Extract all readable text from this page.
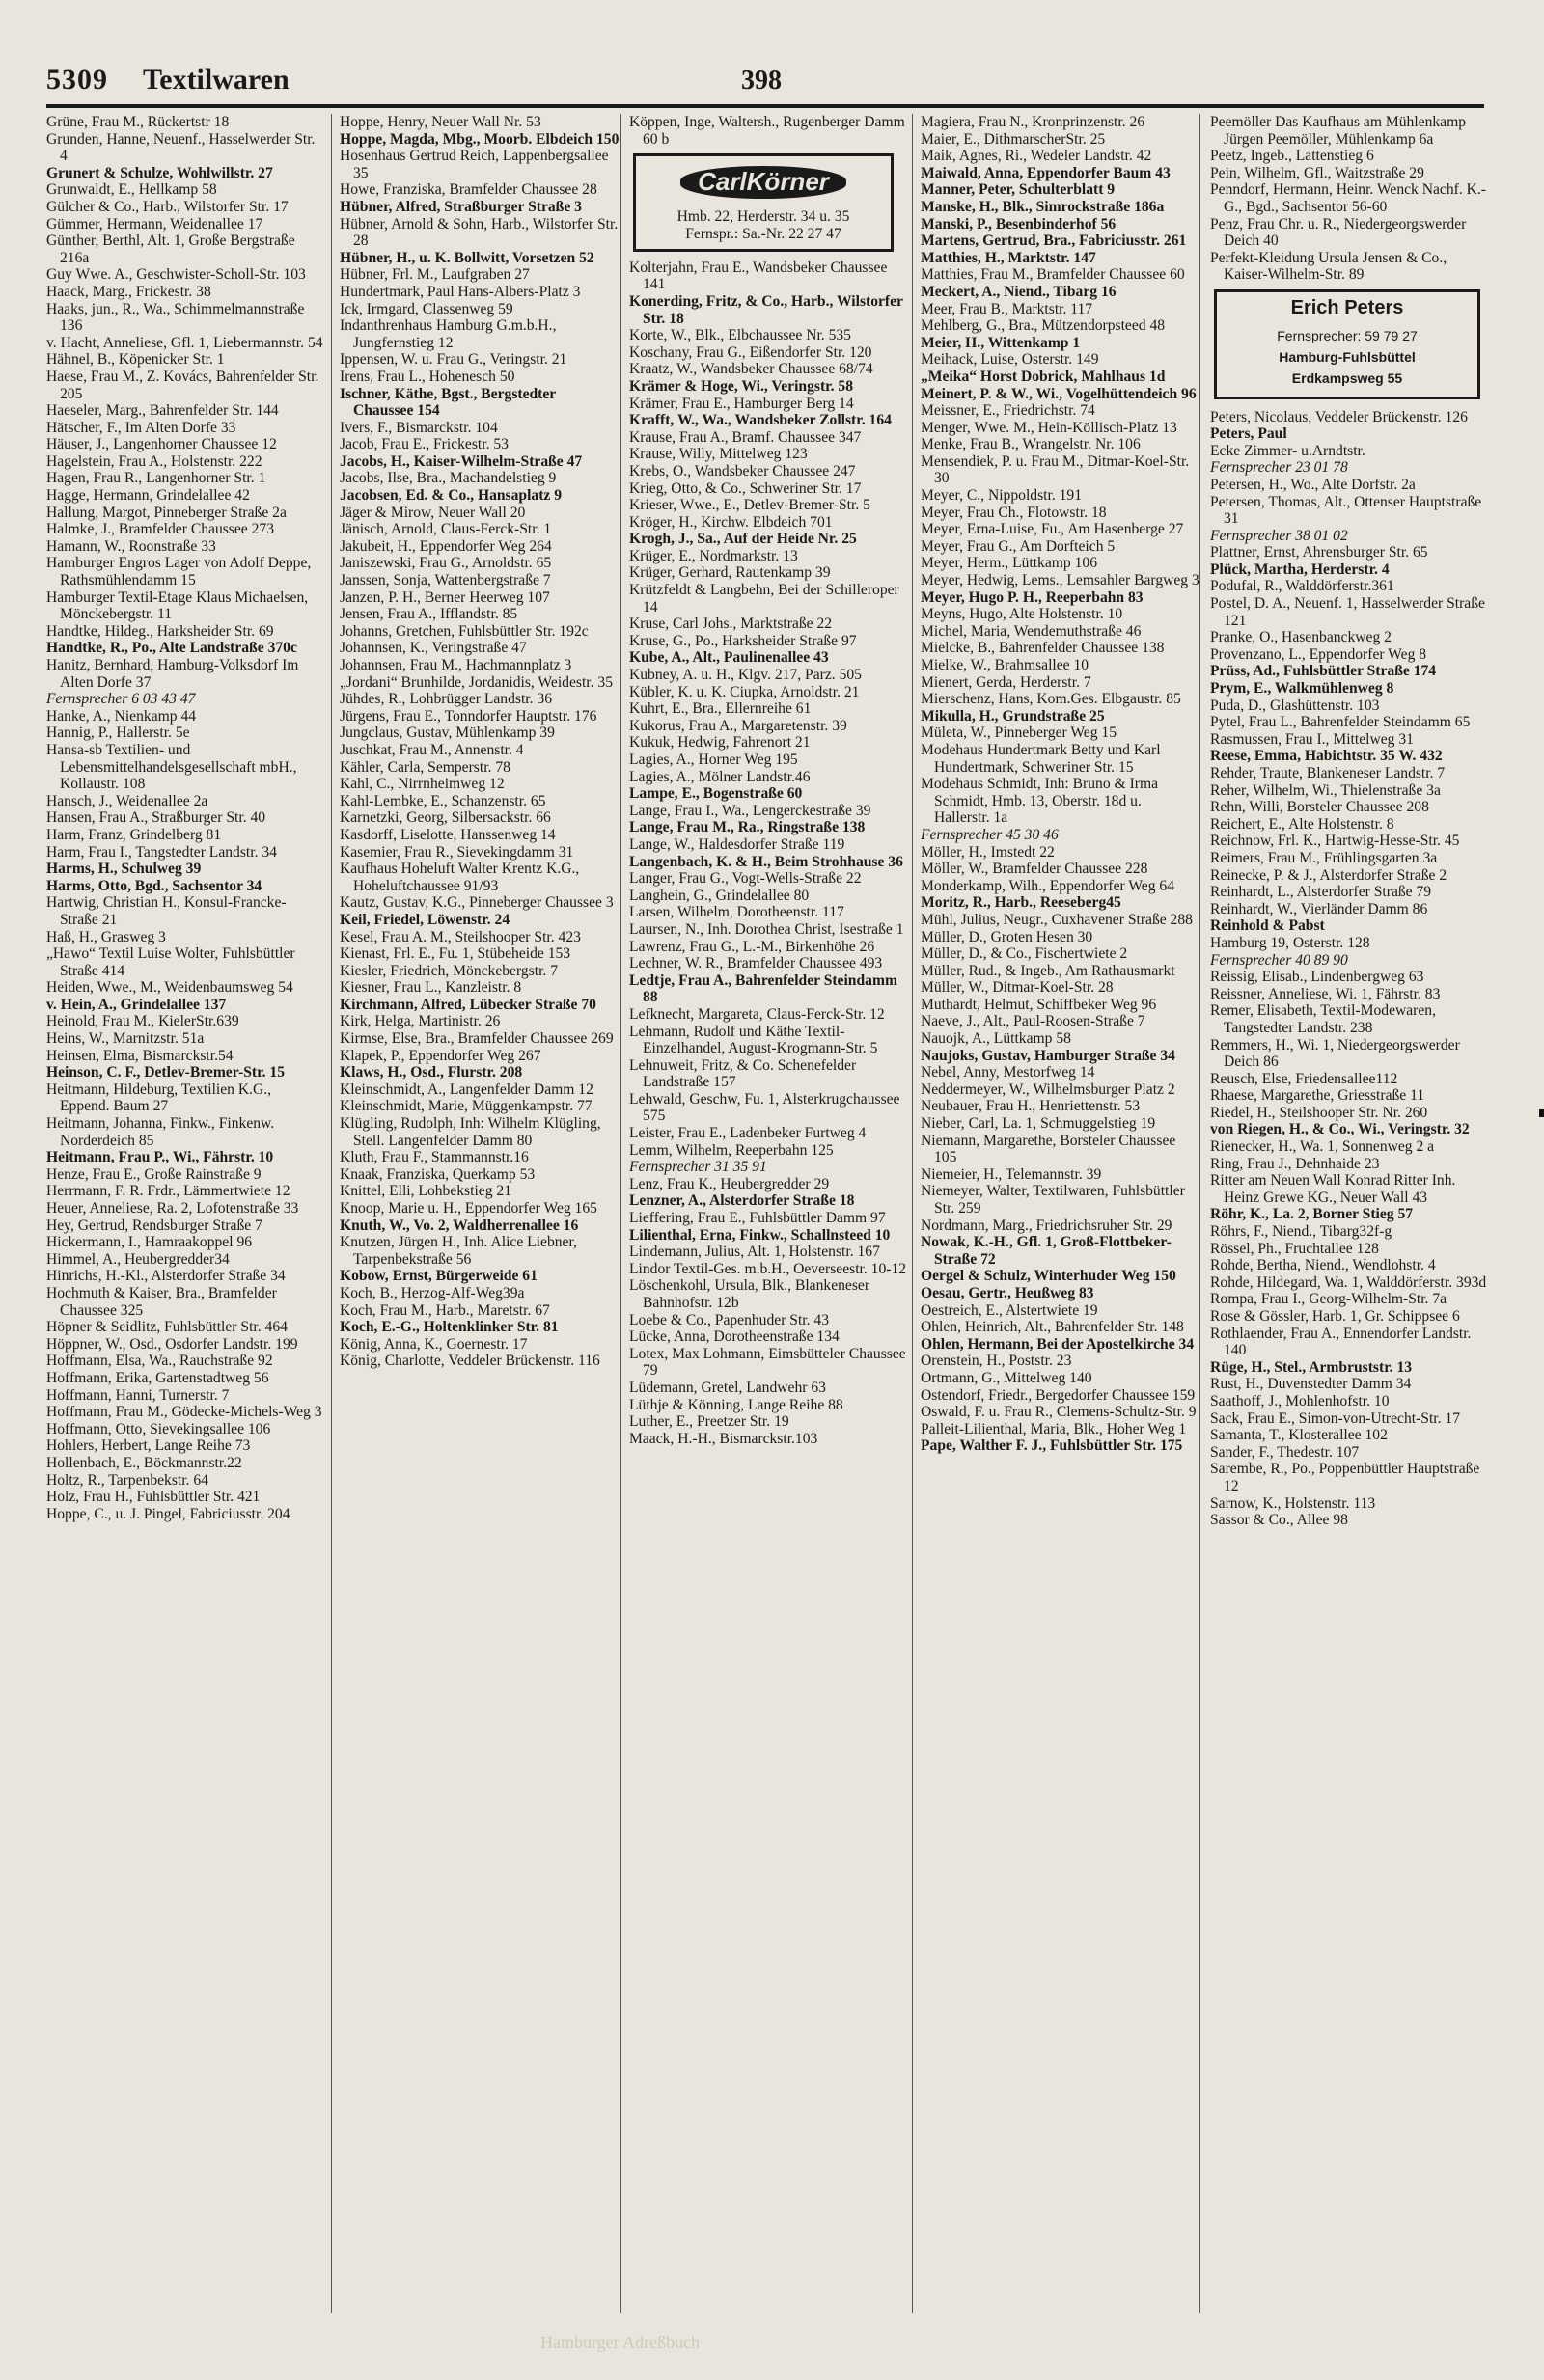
5309 Textilwaren	398

Grüne, Frau M., Rückertstr 18

Grunden, Hanne, Neuenf., Hasselwerder Str. 4

Grunert & Schulze, Wohlwillstr. 27

Grunwaldt, E., Hellkamp 58

Gülcher & Co., Harb., Wilstorfer Str. 17

Gümmer, Hermann, Weidenallee 17

Günther, Berthl, Alt. 1, Große Bergstraße 216a

Guy Wwe. A., Geschwister-Scholl-Str. 103

Haack, Marg., Frickestr. 38

Haaks, jun., R., Wa., Schimmelmannstraße 136

v. Hacht, Anneliese, Gfl. 1, Liebermannstr. 54

Hähnel, B., Köpenicker Str. 1

Haese, Frau M., Z. Kovács, Bahrenfelder Str. 205

Haeseler, Marg., Bahrenfelder Str. 144

Hätscher, F., Im Alten Dorfe 33

Häuser, J., Langenhorner Chaussee 12

Hagelstein, Frau A., Holstenstr. 222

Hagen, Frau R., Langenhorner Str. 1

Hagge, Hermann, Grindelallee 42

Hallung, Margot, Pinneberger Straße 2a

Halmke, J., Bramfelder Chaussee 273

Hamann, W., Roonstraße 33

Hamburger Engros Lager von Adolf Deppe, Rathsmühlendamm 15

Hamburger Textil-Etage Klaus Michaelsen, Mönckebergstr. 11

Handtke, Hildeg., Harksheider Str. 69

Handtke, R., Po., Alte Landstraße 370c

Hanitz, Bernhard, Hamburg-Volksdorf Im Alten Dorfe 37

Fernsprecher 6 03 43 47

Hanke, A., Nienkamp 44

Hannig, P., Hallerstr. 5e

Hansa-sb Textilien- und Lebensmittelhandelsgesellschaft mbH., Kollaustr. 108

Hansch, J., Weidenallee 2a

Hansen, Frau A., Straßburger Str. 40

Harm, Franz, Grindelberg 81

Harm, Frau I., Tangstedter Landstr. 34

Harms, H., Schulweg 39

Harms, Otto, Bgd., Sachsentor 34

Hartwig, Christian H., Konsul-Francke-Straße 21

Haß, H., Grasweg 3

„Hawo“ Textil Luise Wolter, Fuhlsbüttler Straße 414

Heiden, Wwe., M., Weidenbaumsweg 54

v. Hein, A., Grindelallee 137

Heinold, Frau M., KielerStr.639

Heins, W., Marnitzstr. 51a

Heinsen, Elma, Bismarckstr.54

Heinson, C. F., Detlev-Bremer-Str. 15

Heitmann, Hildeburg, Textilien K.G., Eppend. Baum 27

Heitmann, Johanna, Finkw., Finkenw. Norderdeich 85

Heitmann, Frau P., Wi., Fährstr. 10

Henze, Frau E., Große Rainstraße 9

Herrmann, F. R. Frdr., Lämmertwiete 12

Heuer, Anneliese, Ra. 2, Lofotenstraße 33

Hey, Gertrud, Rendsburger Straße 7

Hickermann, I., Hamraakoppel 96

Himmel, A., Heubergredder34

Hinrichs, H.-Kl., Alsterdorfer Straße 34

Hochmuth & Kaiser, Bra., Bramfelder Chaussee 325

Höpner & Seidlitz, Fuhlsbüttler Str. 464

Höppner, W., Osd., Osdorfer Landstr. 199

Hoffmann, Elsa, Wa., Rauchstraße 92

Hoffmann, Erika, Gartenstadtweg 56

Hoffmann, Hanni, Turnerstr. 7

Hoffmann, Frau M., Gödecke-Michels-Weg 3

Hoffmann, Otto, Sievekingsallee 106

Hohlers, Herbert, Lange Reihe 73

Hollenbach, E., Böckmannstr.22

Holtz, R., Tarpenbekstr. 64

Holz, Frau H., Fuhlsbüttler Str. 421

Hoppe, C., u. J. Pingel, Fabriciusstr. 204

Hoppe, Henry, Neuer Wall Nr. 53

Hoppe, Magda, Mbg., Moorb. Elbdeich 150

Hosenhaus Gertrud Reich, Lappenbergsallee 35

Howe, Franziska, Bramfelder Chaussee 28

Hübner, Alfred, Straßburger Straße 3

Hübner, Arnold & Sohn, Harb., Wilstorfer Str. 28

Hübner, H., u. K. Bollwitt, Vorsetzen 52

Hübner, Frl. M., Laufgraben 27

Hundertmark, Paul Hans-Albers-Platz 3

Ick, Irmgard, Classenweg 59

Indanthrenhaus Hamburg G.m.b.H., Jungfernstieg 12

Ippensen, W. u. Frau G., Veringstr. 21

Irens, Frau L., Hohenesch 50

Ischner, Käthe, Bgst., Bergstedter Chaussee 154

Ivers, F., Bismarckstr. 104

Jacob, Frau E., Frickestr. 53

Jacobs, H., Kaiser-Wilhelm-Straße 47

Jacobs, Ilse, Bra., Machandelstieg 9

Jacobsen, Ed. & Co., Hansaplatz 9

Jäger & Mirow, Neuer Wall 20

Jänisch, Arnold, Claus-Ferck-Str. 1

Jakubeit, H., Eppendorfer Weg 264

Janiszewski, Frau G., Arnoldstr. 65

Janssen, Sonja, Wattenbergstraße 7

Janzen, P. H., Berner Heerweg 107

Jensen, Frau A., Ifflandstr. 85

Johanns, Gretchen, Fuhlsbüttler Str. 192c

Johannsen, K., Veringstraße 47

Johannsen, Frau M., Hachmannplatz 3

„Jordani“ Brunhilde, Jordanidis, Weidestr. 35

Jühdes, R., Lohbrügger Landstr. 36

Jürgens, Frau E., Tonndorfer Hauptstr. 176

Jungclaus, Gustav, Mühlenkamp 39

Juschkat, Frau M., Annenstr. 4

Kähler, Carla, Semperstr. 78

Kahl, C., Nirrnheimweg 12

Kahl-Lembke, E., Schanzenstr. 65

Karnetzki, Georg, Silbersackstr. 66

Kasdorff, Liselotte, Hanssenweg 14

Kasemier, Frau R., Sievekingdamm 31

Kaufhaus Hoheluft Walter Krentz K.G., Hoheluftchaussee 91/93

Kautz, Gustav, K.G., Pinneberger Chaussee 3

Keil, Friedel, Löwenstr. 24

Kesel, Frau A. M., Steilshooper Str. 423

Kienast, Frl. E., Fu. 1, Stübeheide 153

Kiesler, Friedrich, Mönckebergstr. 7

Kiesner, Frau L., Kanzleistr. 8

Kirchmann, Alfred, Lübecker Straße 70

Kirk, Helga, Martinistr. 26

Kirmse, Else, Bra., Bramfelder Chaussee 269

Klapek, P., Eppendorfer Weg 267

Klaws, H., Osd., Flurstr. 208

Kleinschmidt, A., Langenfelder Damm 12

Kleinschmidt, Marie, Müggenkampstr. 77

Klügling, Rudolph, Inh: Wilhelm Klügling, Stell. Langenfelder Damm 80

Kluth, Frau F., Stammannstr.16

Knaak, Franziska, Querkamp 53

Knittel, Elli, Lohbekstieg 21

Knoop, Marie u. H., Eppendorfer Weg 165

Knuth, W., Vo. 2, Waldherrenallee 16

Knutzen, Jürgen H., Inh. Alice Liebner, Tarpenbekstraße 56

Kobow, Ernst, Bürgerweide 61

Koch, B., Herzog-Alf-Weg39a

Koch, Frau M., Harb., Maretstr. 67

Koch, E.-G., Holtenklinker Str. 81

König, Anna, K., Goernestr. 17

König, Charlotte, Veddeler Brückenstr. 116

Köppen, Inge, Waltersh., Rugenberger Damm 60 b

CarlKörner
Hmb. 22, Herderstr. 34 u. 35
Fernspr.: Sa.-Nr. 22 27 47

Kolterjahn, Frau E., Wandsbeker Chaussee 141

Konerding, Fritz, & Co., Harb., Wilstorfer Str. 18

Korte, W., Blk., Elbchaussee Nr. 535

Koschany, Frau G., Eißendorfer Str. 120

Kraatz, W., Wandsbeker Chaussee 68/74

Krämer & Hoge, Wi., Veringstr. 58

Krämer, Frau E., Hamburger Berg 14

Krafft, W., Wa., Wandsbeker Zollstr. 164

Krause, Frau A., Bramf. Chaussee 347

Krause, Willy, Mittelweg 123

Krebs, O., Wandsbeker Chaussee 247

Krieg, Otto, & Co., Schweriner Str. 17

Krieser, Wwe., E., Detlev-Bremer-Str. 5

Kröger, H., Kirchw. Elbdeich 701

Krogh, J., Sa., Auf der Heide Nr. 25

Krüger, E., Nordmarkstr. 13

Krüger, Gerhard, Rautenkamp 39

Krützfeldt & Langbehn, Bei der Schilleroper 14

Kruse, Carl Johs., Marktstraße 22

Kruse, G., Po., Harksheider Straße 97

Kube, A., Alt., Paulinenallee 43

Kubney, A. u. H., Klgv. 217, Parz. 505

Kübler, K. u. K. Ciupka, Arnoldstr. 21

Kuhrt, E., Bra., Ellernreihe 61

Kukorus, Frau A., Margaretenstr. 39

Kukuk, Hedwig, Fahrenort 21

Lagies, A., Horner Weg 195

Lagies, A., Mölner Landstr.46

Lampe, E., Bogenstraße 60

Lange, Frau I., Wa., Lengerckestraße 39

Lange, Frau M., Ra., Ringstraße 138

Lange, W., Haldesdorfer Straße 119

Langenbach, K. & H., Beim Strohhause 36

Langer, Frau G., Vogt-Wells-Straße 22

Langhein, G., Grindelallee 80

Larsen, Wilhelm, Dorotheenstr. 117

Laursen, N., Inh. Dorothea Christ, Isestraße 1

Lawrenz, Frau G., L.-M., Birkenhöhe 26

Lechner, W. R., Bramfelder Chaussee 493

Ledtje, Frau A., Bahrenfelder Steindamm 88

Lefknecht, Margareta, Claus-Ferck-Str. 12

Lehmann, Rudolf und Käthe Textil-Einzelhandel, August-Krogmann-Str. 5

Lehnuweit, Fritz, & Co. Schenefelder Landstraße 157

Lehwald, Geschw, Fu. 1, Alsterkrugchaussee 575

Leister, Frau E., Ladenbeker Furtweg 4

Lemm, Wilhelm, Reeperbahn 125

Fernsprecher 31 35 91

Lenz, Frau K., Heubergredder 29

Lenzner, A., Alsterdorfer Straße 18

Lieffering, Frau E., Fuhlsbüttler Damm 97

Lilienthal, Erna, Finkw., Schallnsteed 10

Lindemann, Julius, Alt. 1, Holstenstr. 167

Lindor Textil-Ges. m.b.H., Oeverseestr. 10-12

Löschenkohl, Ursula, Blk., Blankeneser Bahnhofstr. 12b

Loebe & Co., Papenhuder Str. 43

Lücke, Anna, Dorotheenstraße 134

Lotex, Max Lohmann, Eimsbütteler Chaussee 79

Lüdemann, Gretel, Landwehr 63

Lüthje & Könning, Lange Reihe 88

Luther, E., Preetzer Str. 19

Maack, H.-H., Bismarckstr.103

Magiera, Frau N., Kronprinzenstr. 26

Maier, E., DithmarscherStr. 25

Maik, Agnes, Ri., Wedeler Landstr. 42

Maiwald, Anna, Eppendorfer Baum 43

Manner, Peter, Schulterblatt 9

Manske, H., Blk., Simrockstraße 186a

Manski, P., Besenbinderhof 56

Martens, Gertrud, Bra., Fabriciusstr. 261

Matthies, H., Marktstr. 147

Matthies, Frau M., Bramfelder Chaussee 60

Meckert, A., Niend., Tibarg 16

Meer, Frau B., Marktstr. 117

Mehlberg, G., Bra., Mützendorpsteed 48

Meier, H., Wittenkamp 1

Meihack, Luise, Osterstr. 149

„Meika“ Horst Dobrick, Mahlhaus 1d

Meinert, P. & W., Wi., Vogelhüttendeich 96

Meissner, E., Friedrichstr. 74

Menger, Wwe. M., Hein-Köllisch-Platz 13

Menke, Frau B., Wrangelstr. Nr. 106

Mensendiek, P. u. Frau M., Ditmar-Koel-Str. 30

Meyer, C., Nippoldstr. 191

Meyer, Frau Ch., Flotowstr. 18

Meyer, Erna-Luise, Fu., Am Hasenberge 27

Meyer, Frau G., Am Dorfteich 5

Meyer, Herm., Lüttkamp 106

Meyer, Hedwig, Lems., Lemsahler Bargweg 3

Meyer, Hugo P. H., Reeperbahn 83

Meyns, Hugo, Alte Holstenstr. 10

Michel, Maria, Wendemuthstraße 46

Mielcke, B., Bahrenfelder Chaussee 138

Mielke, W., Brahmsallee 10

Mienert, Gerda, Herderstr. 7

Mierschenz, Hans, Kom.Ges. Elbgaustr. 85

Mikulla, H., Grundstraße 25

Mületa, W., Pinneberger Weg 15

Modehaus Hundertmark Betty und Karl Hundertmark, Schweriner Str. 15

Modehaus Schmidt, Inh: Bruno & Irma Schmidt, Hmb. 13, Oberstr. 18d u. Hallerstr. 1a

Fernsprecher 45 30 46

Möller, H., Imstedt 22

Möller, W., Bramfelder Chaussee 228

Monderkamp, Wilh., Eppendorfer Weg 64

Moritz, R., Harb., Reeseberg45

Mühl, Julius, Neugr., Cuxhavener Straße 288

Müller, D., Groten Hesen 30

Müller, D., & Co., Fischertwiete 2

Müller, Rud., & Ingeb., Am Rathausmarkt

Müller, W., Ditmar-Koel-Str. 28

Muthardt, Helmut, Schiffbeker Weg 96

Naeve, J., Alt., Paul-Roosen-Straße 7

Nauojk, A., Lüttkamp 58

Naujoks, Gustav, Hamburger Straße 34

Nebel, Anny, Mestorfweg 14

Neddermeyer, W., Wilhelmsburger Platz 2

Neubauer, Frau H., Henriettenstr. 53

Nieber, Carl, La. 1, Schmuggelstieg 19

Niemann, Margarethe, Borsteler Chaussee 105

Niemeier, H., Telemannstr. 39

Niemeyer, Walter, Textilwaren, Fuhlsbüttler Str. 259

Nordmann, Marg., Friedrichsruher Str. 29

Nowak, K.-H., Gfl. 1, Groß-Flottbeker-Straße 72

Oergel & Schulz, Winterhuder Weg 150

Oesau, Gertr., Heußweg 83

Oestreich, E., Alstertwiete 19

Ohlen, Heinrich, Alt., Bahrenfelder Str. 148

Ohlen, Hermann, Bei der Apostelkirche 34

Orenstein, H., Poststr. 23

Ortmann, G., Mittelweg 140

Ostendorf, Friedr., Bergedorfer Chaussee 159

Oswald, F. u. Frau R., Clemens-Schultz-Str. 9

Palleit-Lilienthal, Maria, Blk., Hoher Weg 1

Pape, Walther F. J., Fuhlsbüttler Str. 175

Peemöller Das Kaufhaus am Mühlenkamp Jürgen Peemöller, Mühlenkamp 6a

Peetz, Ingeb., Lattenstieg 6

Pein, Wilhelm, Gfl., Waitzstraße 29

Penndorf, Hermann, Heinr. Wenck Nachf. K.-G., Bgd., Sachsentor 56-60

Penz, Frau Chr. u. R., Niedergeorgswerder Deich 40

Perfekt-Kleidung Ursula Jensen & Co., Kaiser-Wilhelm-Str. 89

Erich Peters
Fernsprecher: 59 79 27
Hamburg-Fuhlsbüttel
Erdkampsweg 55

Peters, Nicolaus, Veddeler Brückenstr. 126

Peters, Paul

Ecke Zimmer- u.Arndtstr.

Fernsprecher 23 01 78

Petersen, H., Wo., Alte Dorfstr. 2a

Petersen, Thomas, Alt., Ottenser Hauptstraße 31

Fernsprecher 38 01 02

Plattner, Ernst, Ahrensburger Str. 65

Plück, Martha, Herderstr. 4

Podufal, R., Walddörferstr.361

Postel, D. A., Neuenf. 1, Hasselwerder Straße 121

Pranke, O., Hasenbanckweg 2

Provenzano, L., Eppendorfer Weg 8

Prüss, Ad., Fuhlsbüttler Straße 174

Prym, E., Walkmühlenweg 8

Puda, D., Glashüttenstr. 103

Pytel, Frau L., Bahrenfelder Steindamm 65

Rasmussen, Frau I., Mittelweg 31

Reese, Emma, Habichtstr. 35 W. 432

Rehder, Traute, Blankeneser Landstr. 7

Reher, Wilhelm, Wi., Thielenstraße 3a

Rehn, Willi, Borsteler Chaussee 208

Reichert, E., Alte Holstenstr. 8

Reichnow, Frl. K., Hartwig-Hesse-Str. 45

Reimers, Frau M., Frühlingsgarten 3a

Reinecke, P. & J., Alsterdorfer Straße 2

Reinhardt, L., Alsterdorfer Straße 79

Reinhardt, W., Vierländer Damm 86

Reinhold & Pabst

Hamburg 19, Osterstr. 128

Fernsprecher 40 89 90

Reissig, Elisab., Lindenbergweg 63

Reissner, Anneliese, Wi. 1, Fährstr. 83

Remer, Elisabeth, Textil-Modewaren, Tangstedter Landstr. 238

Remmers, H., Wi. 1, Niedergeorgswerder Deich 86

Reusch, Else, Friedensallee112

Rhaese, Margarethe, Griesstraße 11

Riedel, H., Steilshooper Str. Nr. 260

von Riegen, H., & Co., Wi., Veringstr. 32

Rienecker, H., Wa. 1, Sonnenweg 2 a

Ring, Frau J., Dehnhaide 23

Ritter am Neuen Wall Konrad Ritter Inh. Heinz Grewe KG., Neuer Wall 43

Röhr, K., La. 2, Borner Stieg 57

Röhrs, F., Niend., Tibarg32f-g

Rössel, Ph., Fruchtallee 128

Rohde, Bertha, Niend., Wendlohstr. 4

Rohde, Hildegard, Wa. 1, Walddörferstr. 393d

Rompa, Frau I., Georg-Wilhelm-Str. 7a

Rose & Gössler, Harb. 1, Gr. Schippsee 6

Rothlaender, Frau A., Ennendorfer Landstr. 140

Rüge, H., Stel., Armbruststr. 13

Rust, H., Duvenstedter Damm 34

Saathoff, J., Mohlenhofstr. 10

Sack, Frau E., Simon-von-Utrecht-Str. 17

Samanta, T., Klosterallee 102

Sander, F., Thedestr. 107

Sarembe, R., Po., Poppenbüttler Hauptstraße 12

Sarnow, K., Holstenstr. 113

Sassor & Co., Allee 98

Hamburger Adreßbuch
